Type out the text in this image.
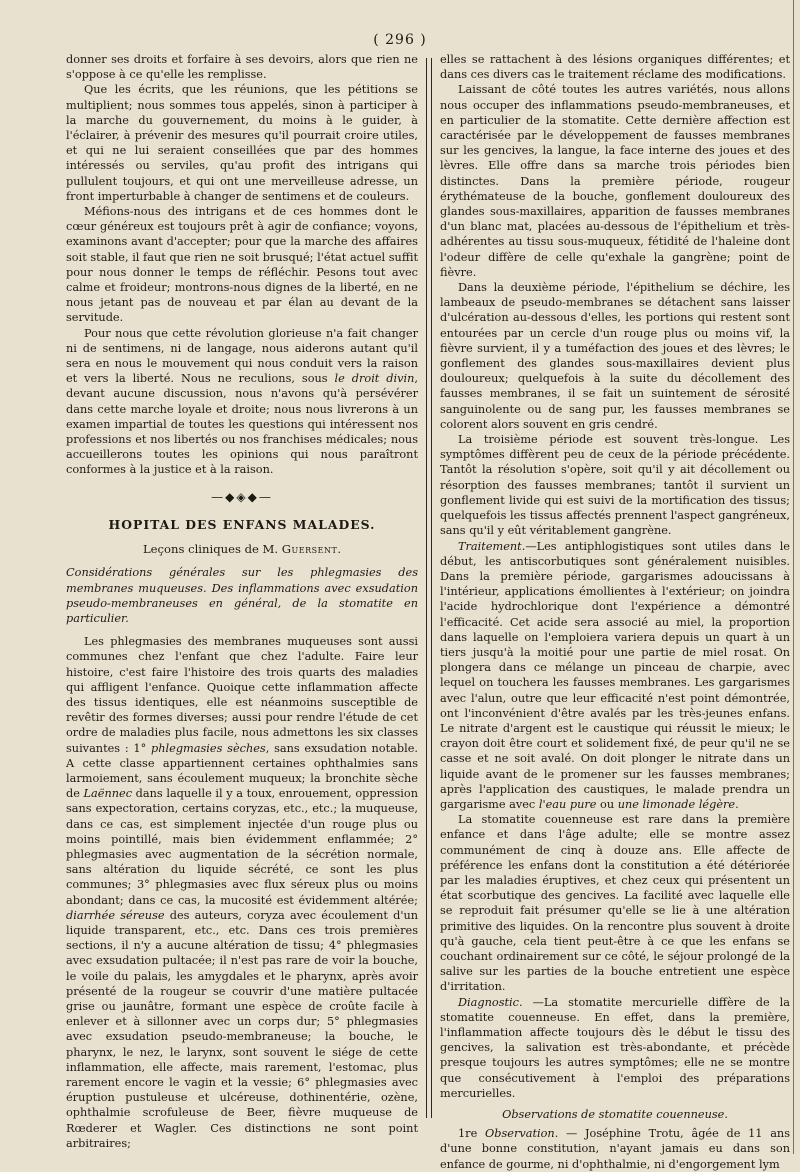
( 296 )

donner ses droits et forfaire à ses devoirs, alors que rien ne s'oppose à ce qu'elle les remplisse.

Que les écrits, que les réunions, que les pétitions se multiplient; nous sommes tous appelés, sinon à participer à la marche du gouvernement, du moins à le guider, à l'éclairer, à prévenir des mesures qu'il pourrait croire utiles, et qui ne lui seraient conseillées que par des hommes intéressés ou serviles, qu'au profit des intrigans qui pullulent toujours, et qui ont une merveilleuse adresse, un front imperturbable à changer de sentimens et de couleurs.

Méfions-nous des intrigans et de ces hommes dont le cœur généreux est toujours prêt à agir de confiance; voyons, examinons avant d'accepter; pour que la marche des affaires soit stable, il faut que rien ne soit brusqué; l'état actuel suffit pour nous donner le temps de réfléchir. Pesons tout avec calme et froideur; montrons-nous dignes de la liberté, en ne nous jetant pas de nouveau et par élan au devant de la servitude.

Pour nous que cette révolution glorieuse n'a fait changer ni de sentimens, ni de langage, nous aiderons autant qu'il sera en nous le mouvement qui nous conduit vers la raison et vers la liberté. Nous ne reculions, sous le droit divin, devant aucune discussion, nous n'avons qu'à persévérer dans cette marche loyale et droite; nous nous livrerons à un examen impartial de toutes les questions qui intéressent nos professions et nos libertés ou nos franchises médicales; nous accueillerons toutes les opinions qui nous paraîtront conformes à la justice et à la raison.

—◆◈◆—
HOPITAL DES ENFANS MALADES.
Leçons cliniques de M. Guersent.

Considérations générales sur les phlegmasies des membranes muqueuses. Des inflammations avec exsudation pseudo-membraneuses en général, de la stomatite en particulier.

Les phlegmasies des membranes muqueuses sont aussi communes chez l'enfant que chez l'adulte. Faire leur histoire, c'est faire l'histoire des trois quarts des maladies qui affligent l'enfance. Quoique cette inflammation affecte des tissus identiques, elle est néanmoins susceptible de revêtir des formes diverses; aussi pour rendre l'étude de cet ordre de maladies plus facile, nous admettons les six classes suivantes : 1° phlegmasies sèches, sans exsudation notable. A cette classe appartiennent certaines ophthalmies sans larmoiement, sans écoulement muqueux; la bronchite sèche de Laënnec dans laquelle il y a toux, enrouement, oppression sans expectoration, certains coryzas, etc., etc.; la muqueuse, dans ce cas, est simplement injectée d'un rouge plus ou moins pointillé, mais bien évidemment enflammée; 2° phlegmasies avec augmentation de la sécrétion normale, sans altération du liquide sécrété, ce sont les plus communes; 3° phlegmasies avec flux séreux plus ou moins abondant; dans ce cas, la mucosité est évidemment altérée; diarrhée séreuse des auteurs, coryza avec écoulement d'un liquide transparent, etc., etc. Dans ces trois premières sections, il n'y a aucune altération de tissu; 4° phlegmasies avec exsudation pultacée; il n'est pas rare de voir la bouche, le voile du palais, les amygdales et le pharynx, après avoir présenté de la rougeur se couvrir d'une matière pultacée grise ou jaunâtre, formant une espèce de croûte facile à enlever et à sillonner avec un corps dur; 5° phlegmasies avec exsudation pseudo-membraneuse; la bouche, le pharynx, le nez, le larynx, sont souvent le siége de cette inflammation, elle affecte, mais rarement, l'estomac, plus rarement encore le vagin et la vessie; 6° phlegmasies avec éruption pustuleuse et ulcéreuse, dothinentérie, ozène, ophthalmie scrofuleuse de Beer, fièvre muqueuse de Rœderer et Wagler. Ces distinctions ne sont point arbitraires;

elles se rattachent à des lésions organiques différentes; et dans ces divers cas le traitement réclame des modifications.

Laissant de côté toutes les autres variétés, nous allons nous occuper des inflammations pseudo-membraneuses, et en particulier de la stomatite. Cette dernière affection est caractérisée par le développement de fausses membranes sur les gencives, la langue, la face interne des joues et des lèvres. Elle offre dans sa marche trois périodes bien distinctes. Dans la première période, rougeur érythémateuse de la bouche, gonflement douloureux des glandes sous-maxillaires, apparition de fausses membranes d'un blanc mat, placées au-dessous de l'épithelium et très-adhérentes au tissu sous-muqueux, fétidité de l'haleine dont l'odeur diffère de celle qu'exhale la gangrène; point de fièvre.

Dans la deuxième période, l'épithelium se déchire, les lambeaux de pseudo-membranes se détachent sans laisser d'ulcération au-dessous d'elles, les portions qui restent sont entourées par un cercle d'un rouge plus ou moins vif, la fièvre survient, il y a tuméfaction des joues et des lèvres; le gonflement des glandes sous-maxillaires devient plus douloureux; quelquefois à la suite du décollement des fausses membranes, il se fait un suintement de sérosité sanguinolente ou de sang pur, les fausses membranes se colorent alors souvent en gris cendré.

La troisième période est souvent très-longue. Les symptômes diffèrent peu de ceux de la période précédente. Tantôt la résolution s'opère, soit qu'il y ait décollement ou résorption des fausses membranes; tantôt il survient un gonflement livide qui est suivi de la mortification des tissus; quelquefois les tissus affectés prennent l'aspect gangréneux, sans qu'il y eût véritablement gangrène.

Traitement.—Les antiphlogistiques sont utiles dans le début, les antiscorbutiques sont généralement nuisibles. Dans la première période, gargarismes adoucissans à l'intérieur, applications émollientes à l'extérieur; on joindra l'acide hydrochlorique dont l'expérience a démontré l'efficacité. Cet acide sera associé au miel, la proportion dans laquelle on l'emploiera variera depuis un quart à un tiers jusqu'à la moitié pour une partie de miel rosat. On plongera dans ce mélange un pinceau de charpie, avec lequel on touchera les fausses membranes. Les gargarismes avec l'alun, outre que leur efficacité n'est point démontrée, ont l'inconvénient d'être avalés par les très-jeunes enfans. Le nitrate d'argent est le caustique qui réussit le mieux; le crayon doit être court et solidement fixé, de peur qu'il ne se casse et ne soit avalé. On doit plonger le nitrate dans un liquide avant de le promener sur les fausses membranes; après l'application des caustiques, le malade prendra un gargarisme avec l'eau pure ou une limonade légère.

La stomatite couenneuse est rare dans la première enfance et dans l'âge adulte; elle se montre assez communément de cinq à douze ans. Elle affecte de préférence les enfans dont la constitution a été détériorée par les maladies éruptives, et chez ceux qui présentent un état scorbutique des gencives. La facilité avec laquelle elle se reproduit fait présumer qu'elle se lie à une altération primitive des liquides. On la rencontre plus souvent à droite qu'à gauche, cela tient peut-être à ce que les enfans se couchant ordinairement sur ce côté, le séjour prolongé de la salive sur les parties de la bouche entretient une espèce d'irritation.

Diagnostic. —La stomatite mercurielle diffère de la stomatite couenneuse. En effet, dans la première, l'inflammation affecte toujours dès le début le tissu des gencives, la salivation est très-abondante, et précède presque toujours les autres symptômes; elle ne se montre que consécutivement à l'emploi des préparations mercurielles.

Observations de stomatite couenneuse.

1re Observation. — Joséphine Trotu, âgée de 11 ans d'une bonne constitution, n'ayant jamais eu dans son enfance de gourme, ni d'ophthalmie, ni d'engorgement lym
